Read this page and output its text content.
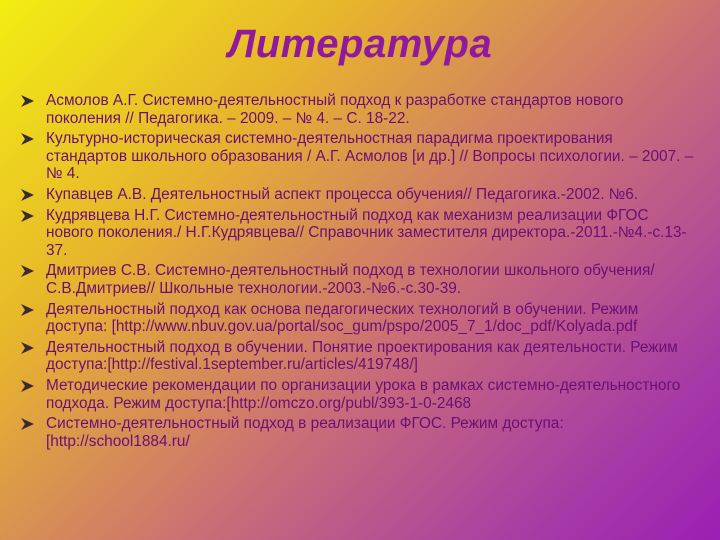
Литература
Асмолов А.Г. Системно-деятельностный подход к разработке стандартов нового поколения // Педагогика. – 2009. – № 4. – С. 18-22.
Культурно-историческая системно-деятельностная парадигма проектирования стандартов школьного образования / А.Г. Асмолов [и др.] // Вопросы психологии. – 2007. – № 4.
Купавцев А.В. Деятельностный аспект процесса обучения// Педагогика.-2002. №6.
Кудрявцева Н.Г. Системно-деятельностный подход как механизм реализации ФГОС нового поколения./ Н.Г.Кудрявцева// Справочник заместителя директора.-2011.-№4.-с.13-37.
Дмитриев С.В. Системно-деятельностный подход в технологии школьного обучения/ С.В.Дмитриев// Школьные технологии.-2003.-№6.-с.30-39.
Деятельностный подход как основа педагогических технологий в обучении. Режим доступа: [http://www.nbuv.gov.ua/portal/soc_gum/pspo/2005_7_1/doc_pdf/Kolyada.pdf
Деятельностный подход в обучении. Понятие проектирования как деятельности. Режим доступа:[http://festival.1september.ru/articles/419748/]
Методические рекомендации по организации урока в рамках системно-деятельностного подхода. Режим доступа:[http://omczo.org/publ/393-1-0-2468
Системно-деятельностный подход в реализации ФГОС. Режим доступа: [http://school1884.ru/
